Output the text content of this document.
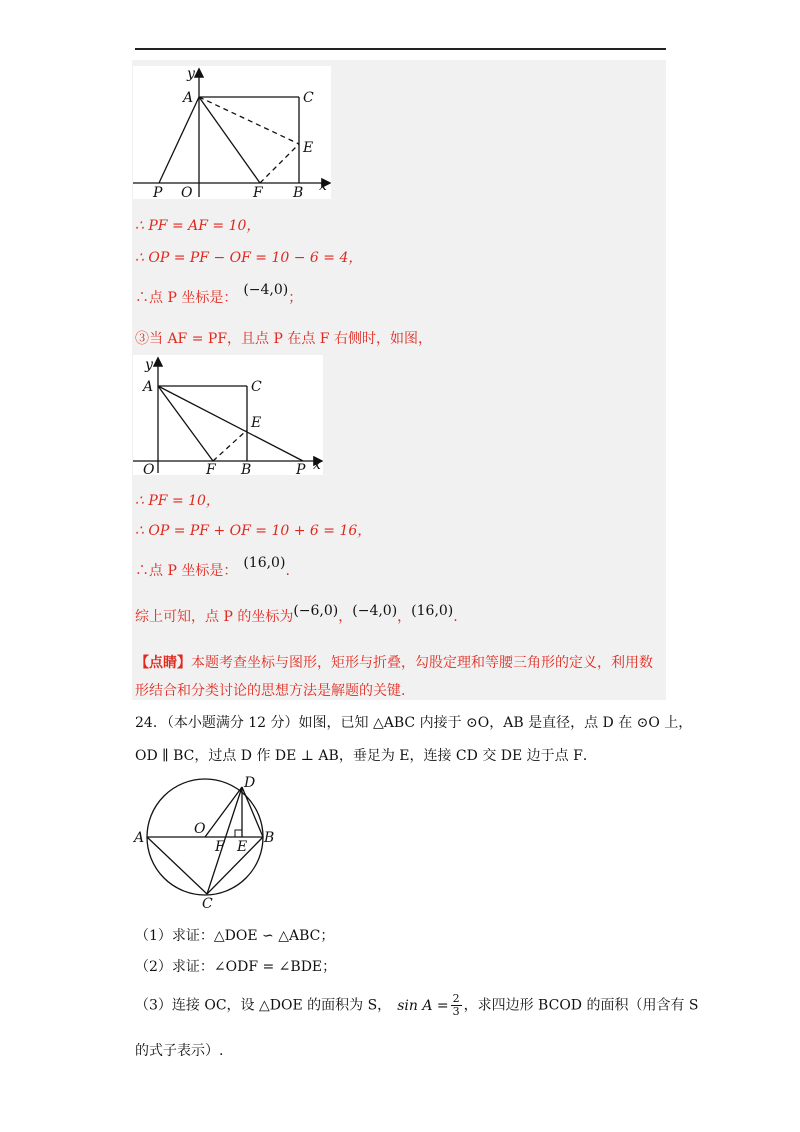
y
A	C
E
P O	F B x
∴ PF = AF = 10，
∴ OP = PF − OF = 10 − 6 = 4，
∴点 P 坐标是： (−4,0)；
③当 AF = PF，且点 P 在点 F 右侧时，如图，
y
A	C
E
O	F B	P x
∴ PF = 10，
∴ OP = PF + OF = 10 + 6 = 16，
∴点 P 坐标是： (16,0).
综上可知，点 P 的坐标为(−6,0)，(−4,0)，(16,0).
【点睛】本题考查坐标与图形，矩形与折叠，勾股定理和等腰三角形的定义，利用数
形结合和分类讨论的思想方法是解题的关键.
24．（本小题满分 12 分）如图，已知 △ABC 内接于 ⊙O，AB 是直径，点 D 在 ⊙O 上，
OD ∥ BC，过点 D 作 DE ⊥ AB，垂足为 E，连接 CD 交 DE 边于点 F．
D
O
A	B
F E
C
（1）求证：△DOE ∽ △ABC；
（2）求证：∠ODF = ∠BDE；
（3）连接 OC，设 △DOE 的面积为 S， $\sin A = \frac{2}{3}$ ，求四边形 BCOD 的面积（用含有 S
的式子表示）.
